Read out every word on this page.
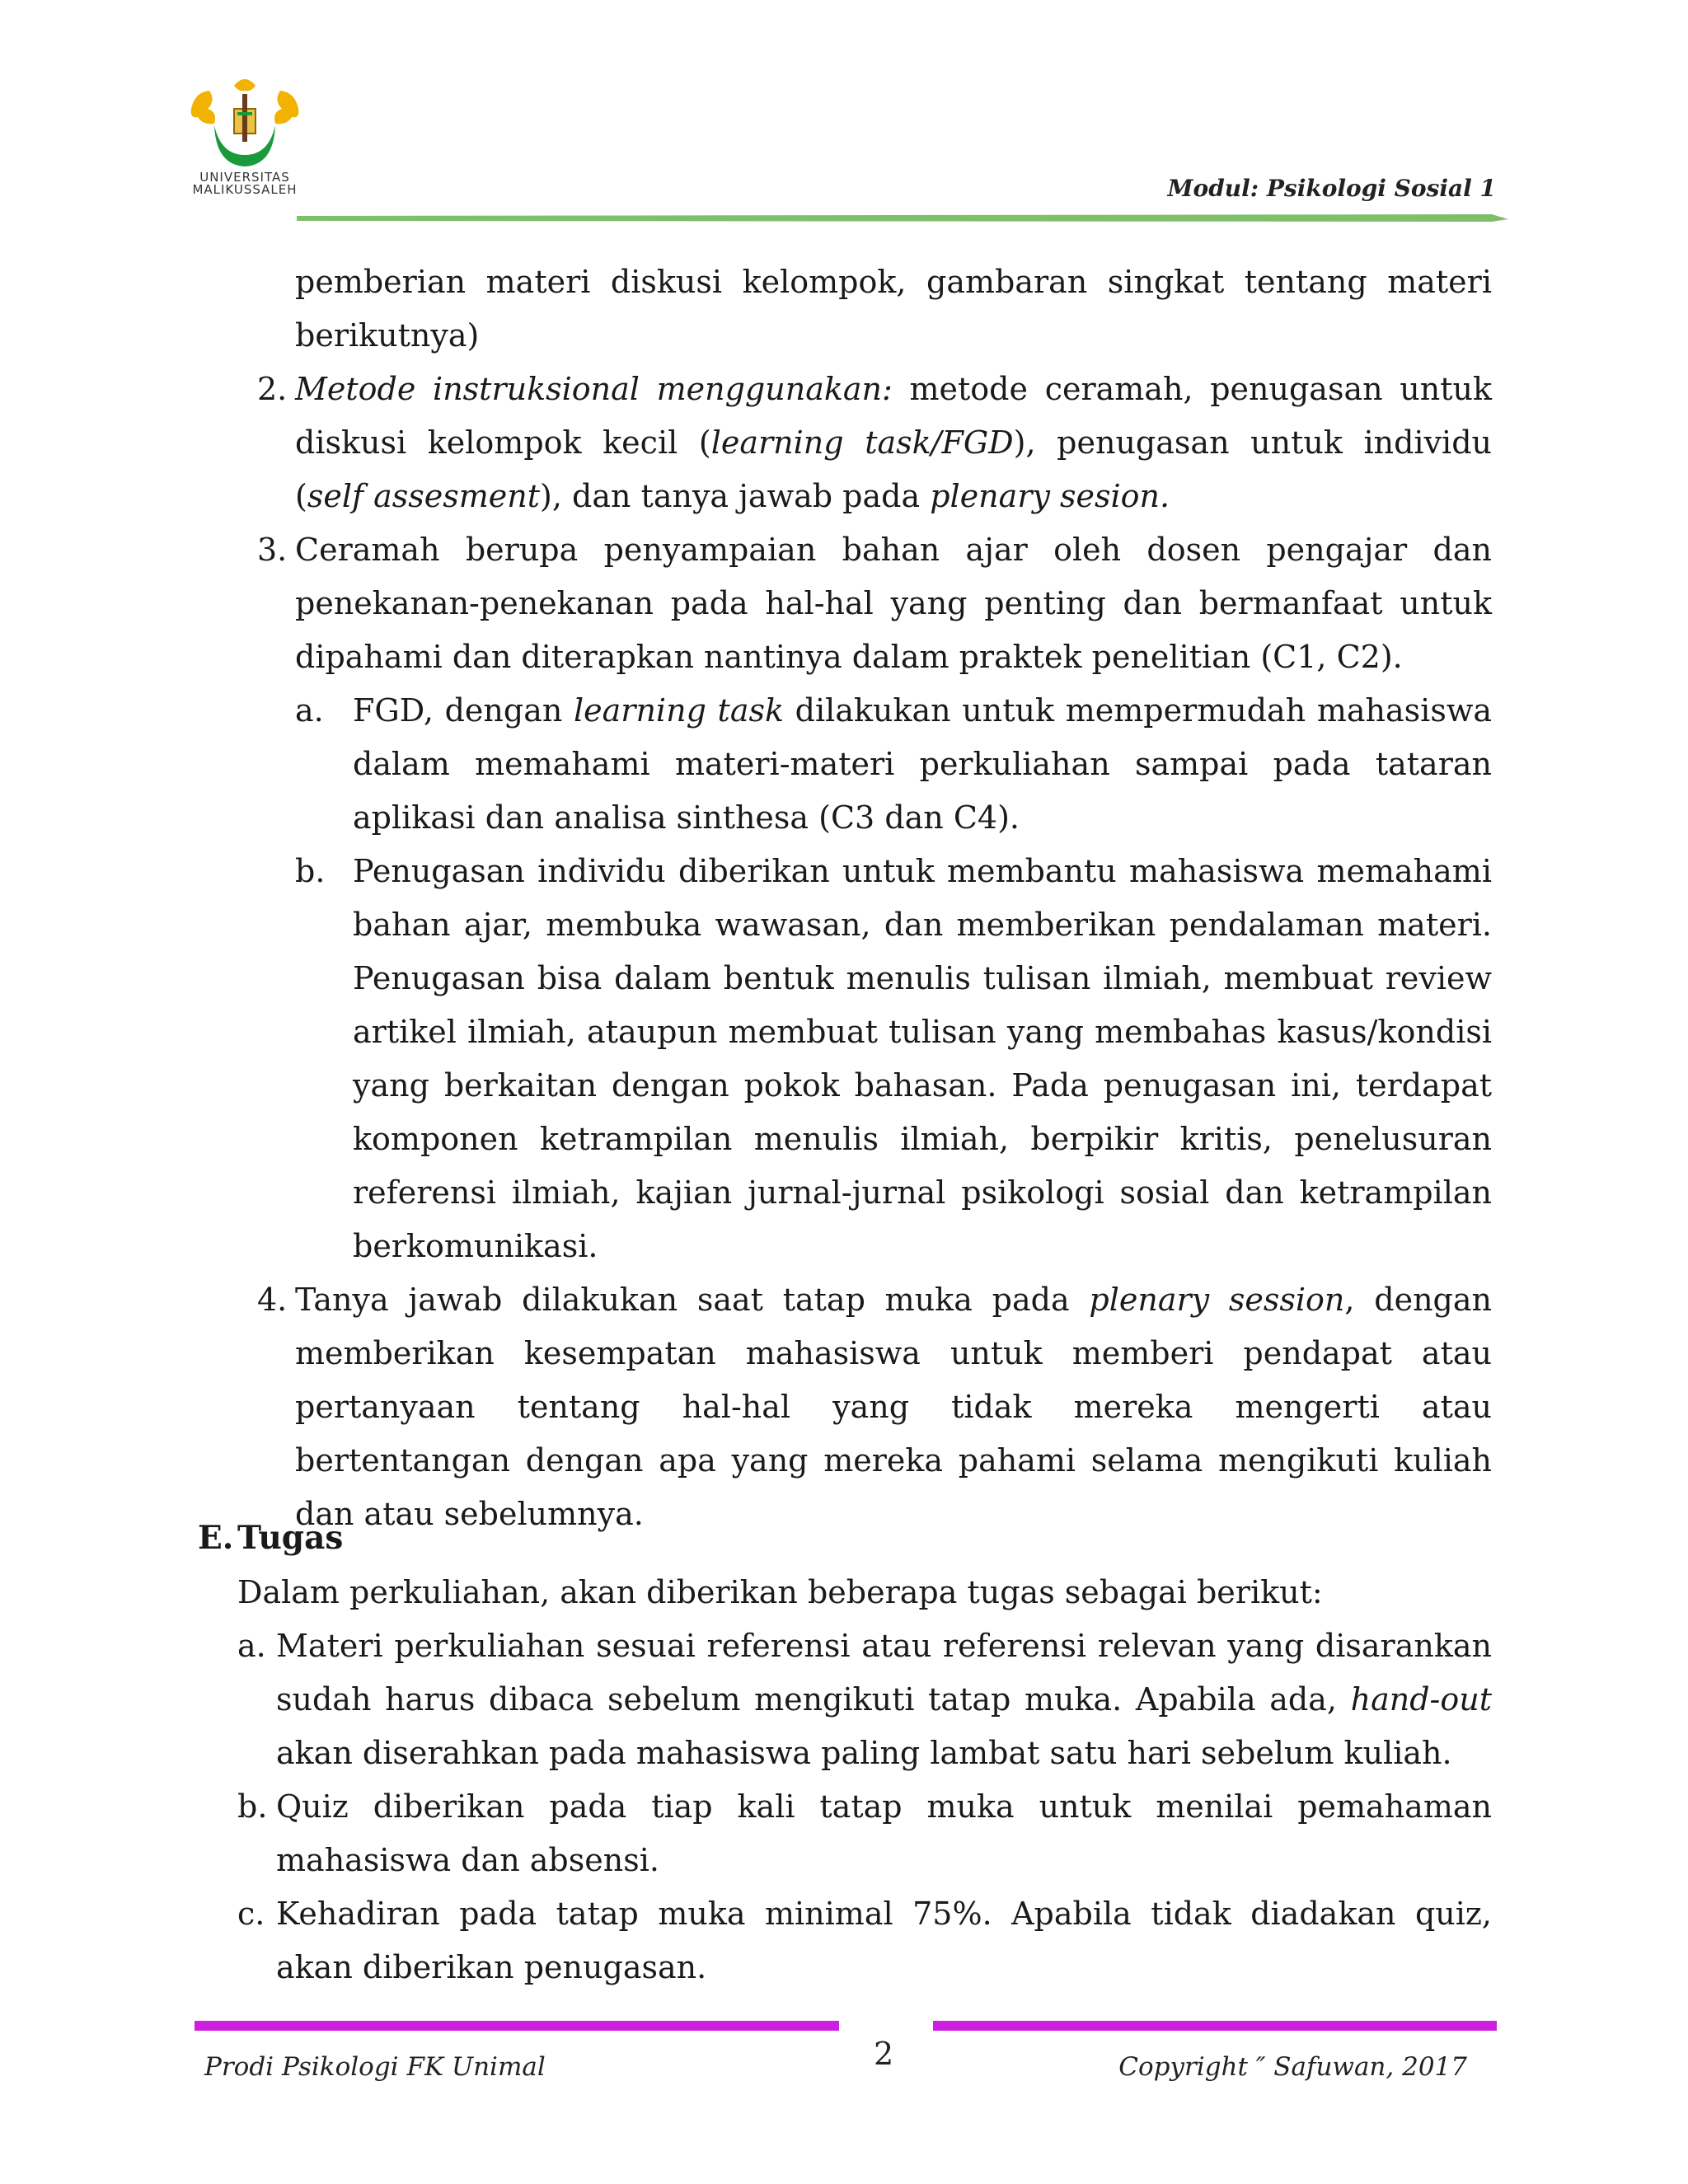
UNIVERSITAS
MALIKUSSALEH	Modul: Psikologi Sosial 1
pemberian materi diskusi kelompok, gambaran singkat tentang materi berikutnya)
2. Metode instruksional menggunakan: metode ceramah, penugasan untuk diskusi kelompok kecil (learning task/FGD), penugasan untuk individu (self assesment), dan tanya jawab pada plenary sesion.
3. Ceramah berupa penyampaian bahan ajar oleh dosen pengajar dan penekanan-penekanan pada hal-hal yang penting dan bermanfaat untuk dipahami dan diterapkan nantinya dalam praktek penelitian (C1, C2).
a. FGD, dengan learning task dilakukan untuk mempermudah mahasiswa dalam memahami materi-materi perkuliahan sampai pada tataran aplikasi dan analisa sinthesa (C3 dan C4).
b. Penugasan individu diberikan untuk membantu mahasiswa memahami bahan ajar, membuka wawasan, dan memberikan pendalaman materi. Penugasan bisa dalam bentuk menulis tulisan ilmiah, membuat review artikel ilmiah, ataupun membuat tulisan yang membahas kasus/kondisi yang berkaitan dengan pokok bahasan. Pada penugasan ini, terdapat komponen ketrampilan menulis ilmiah, berpikir kritis, penelusuran referensi ilmiah, kajian jurnal-jurnal psikologi sosial dan ketrampilan berkomunikasi.
4. Tanya jawab dilakukan saat tatap muka pada plenary session, dengan memberikan kesempatan mahasiswa untuk memberi pendapat atau pertanyaan tentang hal-hal yang tidak mereka mengerti atau bertentangan dengan apa yang mereka pahami selama mengikuti kuliah dan atau sebelumnya.
E. Tugas
Dalam perkuliahan, akan diberikan beberapa tugas sebagai berikut:
a. Materi perkuliahan sesuai referensi atau referensi relevan yang disarankan sudah harus dibaca sebelum mengikuti tatap muka. Apabila ada, hand-out akan diserahkan pada mahasiswa paling lambat satu hari sebelum kuliah.
b. Quiz diberikan pada tiap kali tatap muka untuk menilai pemahaman mahasiswa dan absensi.
c. Kehadiran pada tatap muka minimal 75%. Apabila tidak diadakan quiz, akan diberikan penugasan.
Prodi Psikologi FK Unimal	2	Copyright ″ Safuwan, 2017
